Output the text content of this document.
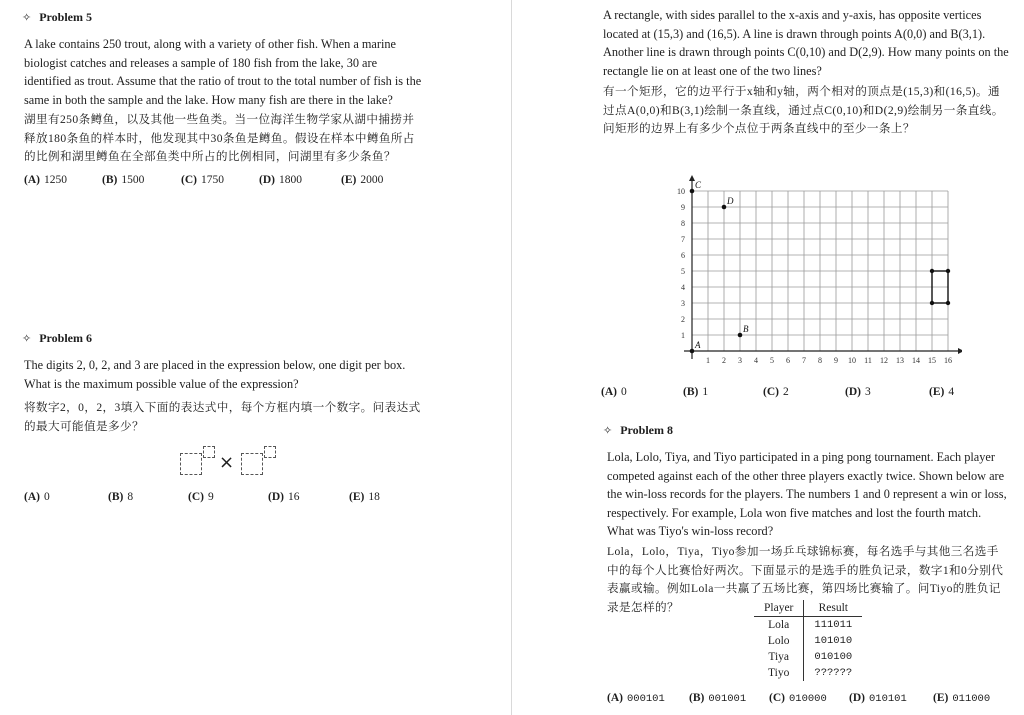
✧ Problem 5
A lake contains 250 trout, along with a variety of other fish. When a marine biologist catches and releases a sample of 180 fish from the lake, 30 are identified as trout. Assume that the ratio of trout to the total number of fish is the same in both the sample and the lake. How many fish are there in the lake?
湖里有250条鳟鱼，以及其他一些鱼类。当一位海洋生物学家从湖中捕捞并释放180条鱼的样本时，他发现其中30条鱼是鳟鱼。假设在样本中鳟鱼所占的比例和湖里鳟鱼在全部鱼类中所占的比例相同，问湖里有多少条鱼？
(A) 1250	(B) 1500	(C) 1750	(D) 1800	(E) 2000
✧ Problem 6
The digits 2, 0, 2, and 3 are placed in the expression below, one digit per box. What is the maximum possible value of the expression?
将数字2，0，2，3填入下面的表达式中，每个方框内填一个数字。问表达式的最大可能值是多少？
×
(A) 0	(B) 8	(C) 9	(D) 16	(E) 18
A rectangle, with sides parallel to the x-axis and y-axis, has opposite vertices located at (15,3) and (16,5). A line is drawn through points A(0,0) and B(3,1). Another line is drawn through points C(0,10) and D(2,9). How many points on the rectangle lie on at least one of the two lines?
有一个矩形，它的边平行于x轴和y轴，两个相对的顶点是(15,3)和(16,5)。通过点A(0,0)和B(3,1)绘制一条直线，通过点C(0,10)和D(2,9)绘制另一条直线。问矩形的边界上有多少个点位于两条直线中的至少一条上？
1 2 3 4 5 6 7 8 9 10 11 12 13 14 15 16
1
2
3
4
5
6
7
8
9
10
A
B
C
D
(A) 0	(B) 1	(C) 2	(D) 3	(E) 4
✧ Problem 8
Lola, Lolo, Tiya, and Tiyo participated in a ping pong tournament. Each player competed against each of the other three players exactly twice. Shown below are the win-loss records for the players. The numbers 1 and 0 represent a win or loss, respectively. For example, Lola won five matches and lost the fourth match. What was Tiyo's win-loss record?
Lola，Lolo，Tiya，Tiyo参加一场乒乓球锦标赛，每名选手与其他三名选手中的每个人比赛恰好两次。下面显示的是选手的胜负记录，数字1和0分别代表赢或输。例如Lola一共赢了五场比赛，第四场比赛输了。问Tiyo的胜负记录是怎样的？	Player	Result
Lola	111011
Lolo	101010
Tiya	010100
Tiyo	??????
(A) 000101	(B) 001001	(C) 010000	(D) 010101	(E) 011000
